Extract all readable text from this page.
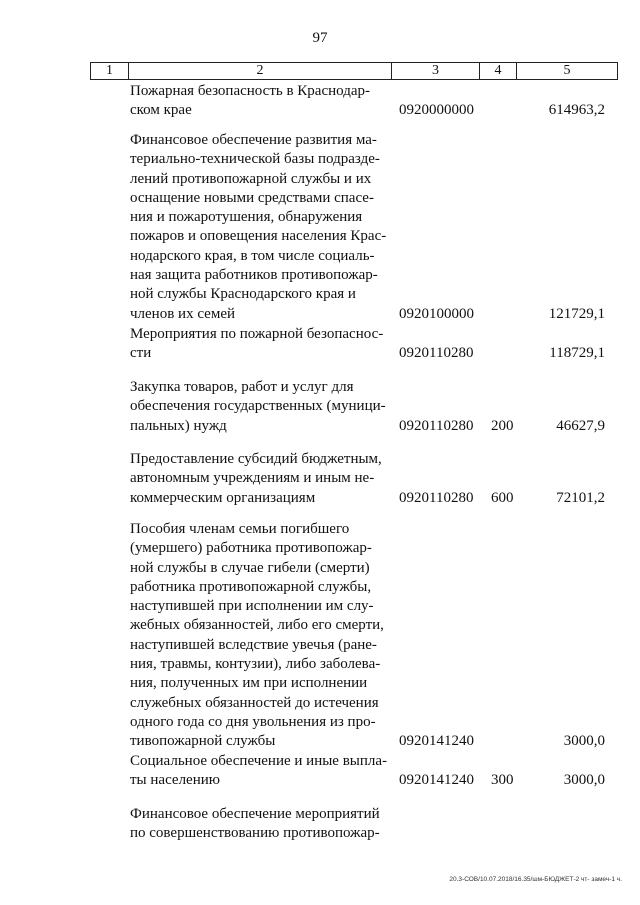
97
1	2	3	4	5
Пожарная безопасность в Краснодар-
ском крае	0920000000	614963,2
Финансовое обеспечение развития ма-
териально-технической базы подразде-
лений противопожарной службы и их
оснащение новыми средствами спасе-
ния и пожаротушения, обнаружения
пожаров и оповещения населения Крас-
нодарского края, в том числе социаль-
ная защита работников противопожар-
ной службы Краснодарского края и
членов их семей	0920100000	121729,1
Мероприятия по пожарной безопаснос-
сти	0920110280	118729,1
Закупка товаров, работ и услуг для
обеспечения государственных (муници-
пальных) нужд	0920110280 200	46627,9
Предоставление субсидий бюджетным,
автономным учреждениям и иным не-
коммерческим организациям	0920110280 600	72101,2
Пособия членам семьи погибшего
(умершего) работника противопожар-
ной службы в случае гибели (смерти)
работника противопожарной службы,
наступившей при исполнении им слу-
жебных обязанностей, либо его смерти,
наступившей вследствие увечья (ране-
ния, травмы, контузии), либо заболева-
ния, полученных им при исполнении
служебных обязанностей до истечения
одного года со дня увольнения из про-
тивопожарной службы	0920141240	3000,0
Социальное обеспечение и иные выпла-
ты населению	0920141240 300	3000,0
Финансовое обеспечение мероприятий
по совершенствованию противопожар-
20.3-СОВ/10.07.2018/16.35/шм-БЮДЖЕТ-2 чт- замеч-1 ч.
